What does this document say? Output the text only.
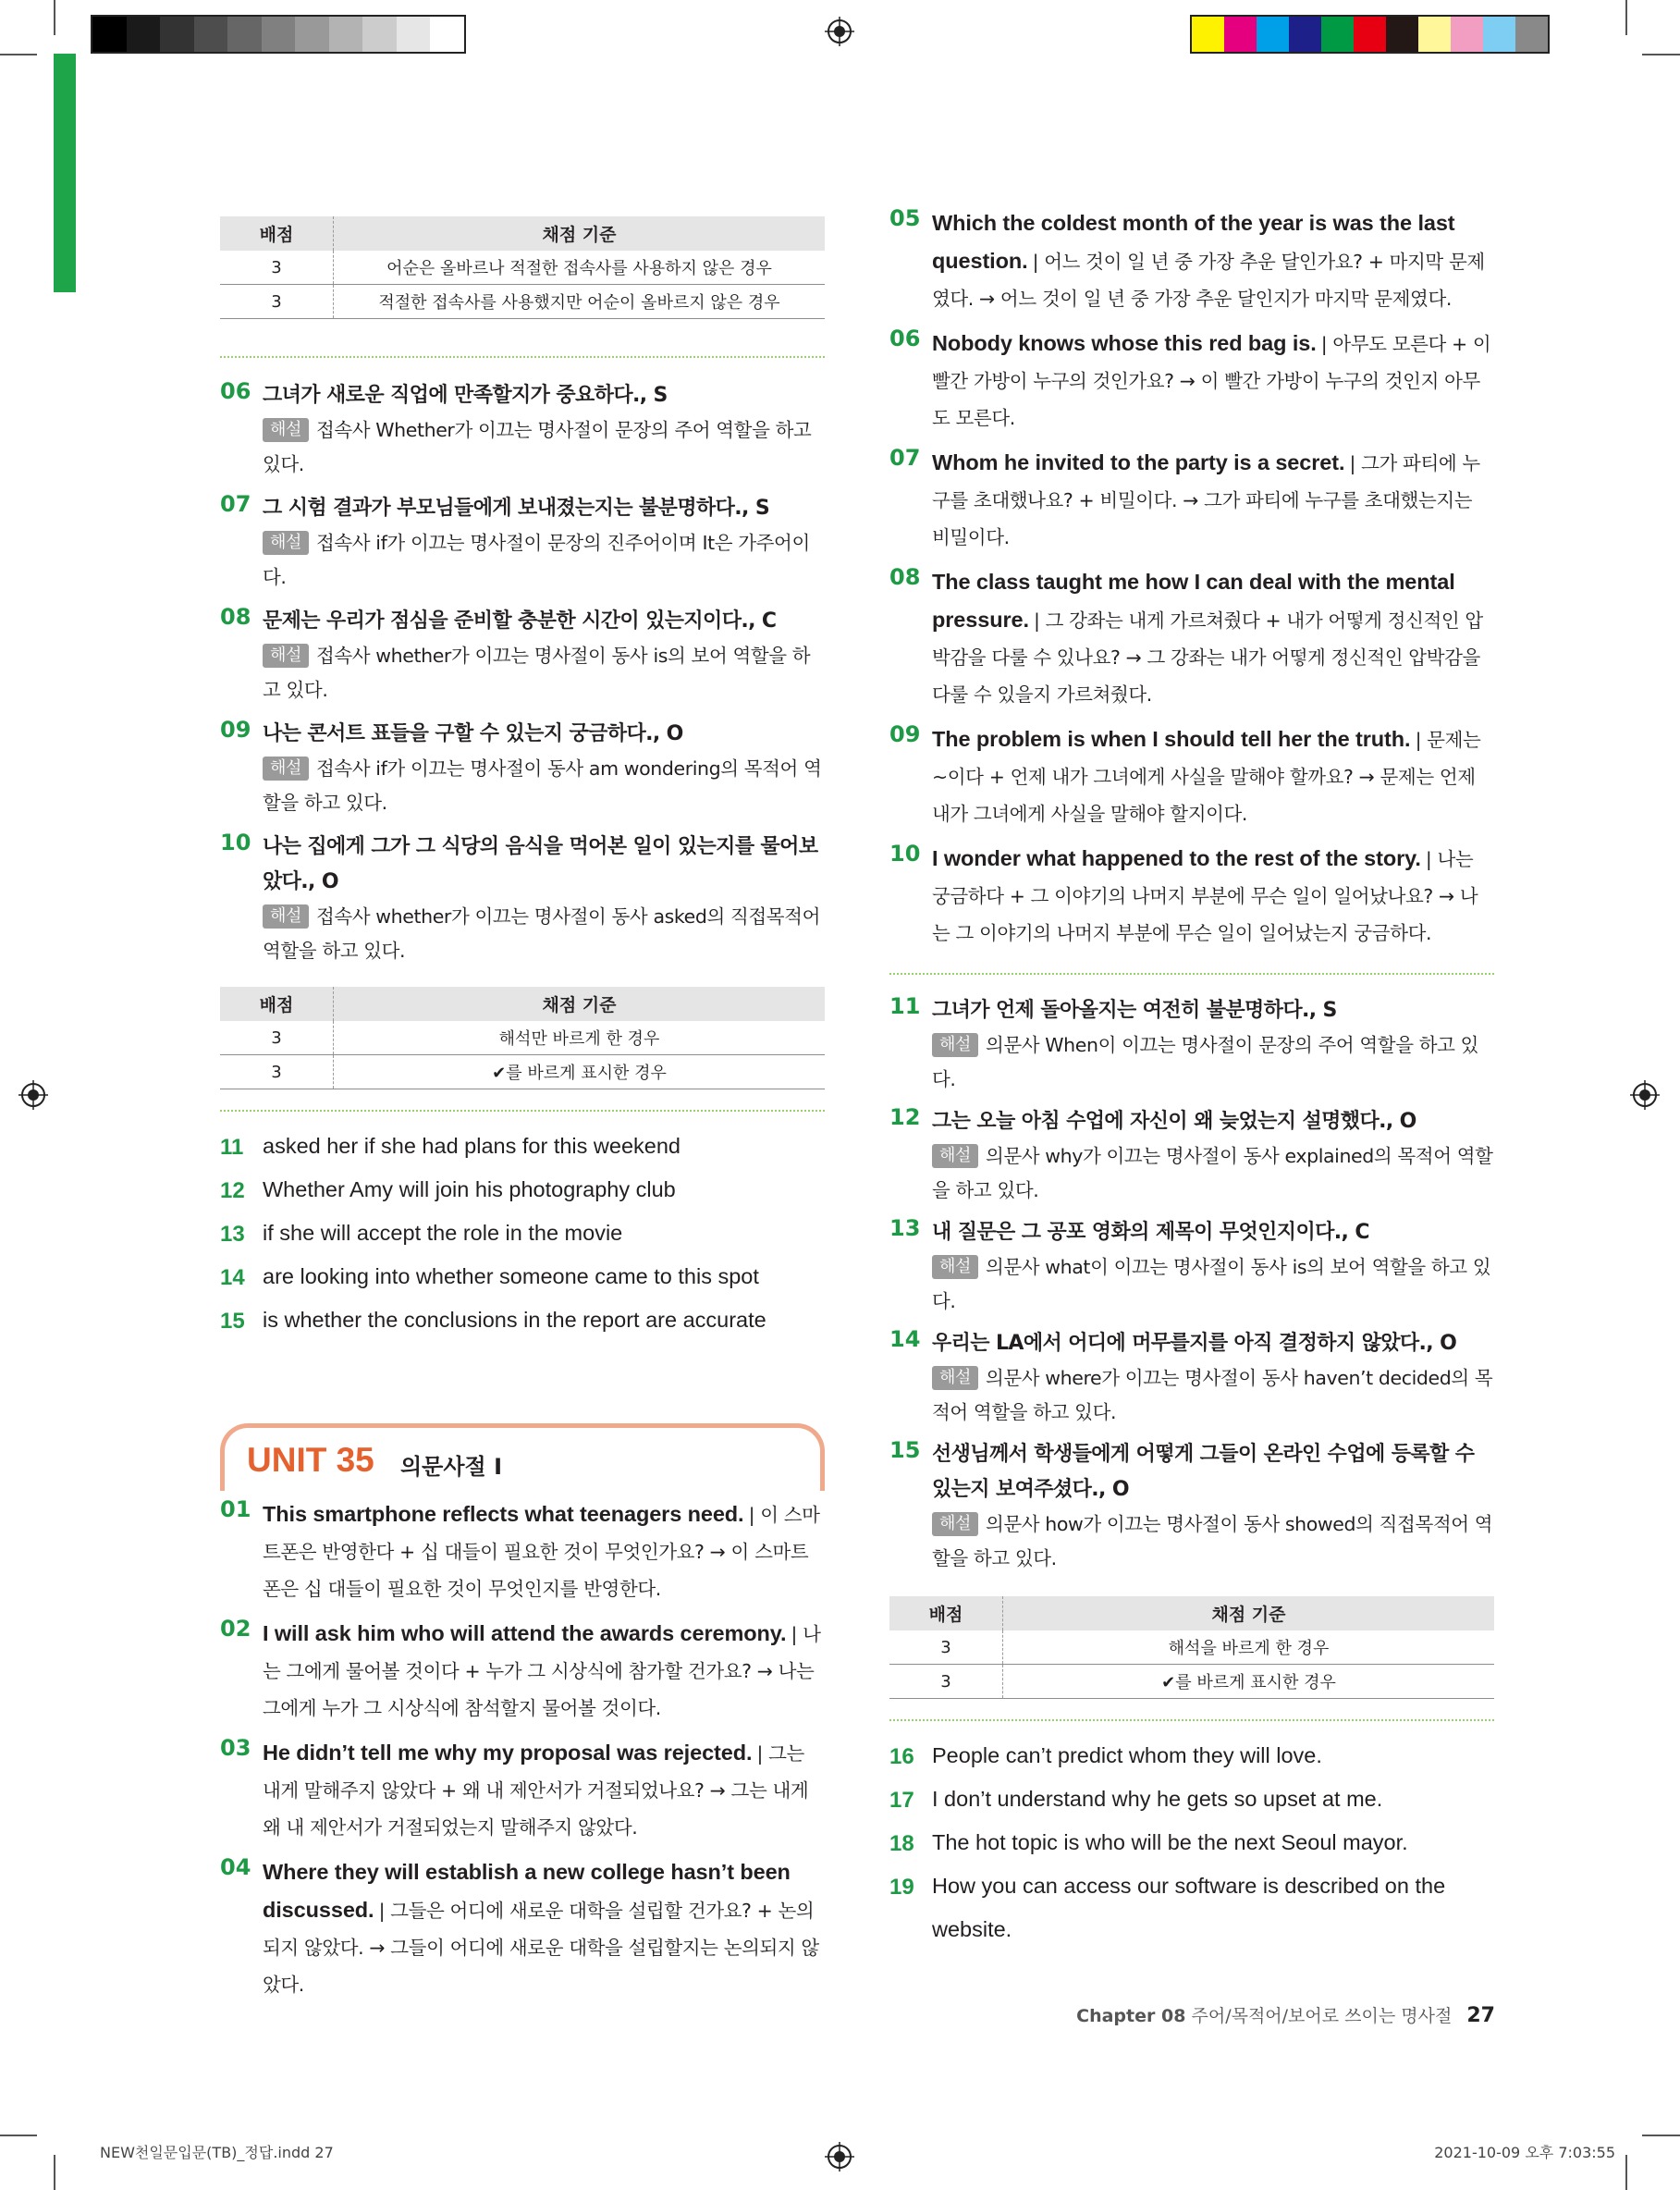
배점	채점 기준
3	어순은 올바르나 적절한 접속사를 사용하지 않은 경우
3	적절한 접속사를 사용했지만 어순이 올바르지 않은 경우
06 그녀가 새로운 직업에 만족할지가 중요하다., S
해설 접속사 Whether가 이끄는 명사절이 문장의 주어 역할을 하고 있다.
07 그 시험 결과가 부모님들에게 보내졌는지는 불분명하다., S
해설 접속사 if가 이끄는 명사절이 문장의 진주어이며 It은 가주어이다.
08 문제는 우리가 점심을 준비할 충분한 시간이 있는지이다., C
해설 접속사 whether가 이끄는 명사절이 동사 is의 보어 역할을 하고 있다.
09 나는 콘서트 표들을 구할 수 있는지 궁금하다., O
해설 접속사 if가 이끄는 명사절이 동사 am wondering의 목적어 역할을 하고 있다.
10 나는 집에게 그가 그 식당의 음식을 먹어본 일이 있는지를 물어보았다., O
해설 접속사 whether가 이끄는 명사절이 동사 asked의 직접목적어 역할을 하고 있다.
배점	채점 기준
3	해석만 바르게 한 경우
3	✔를 바르게 표시한 경우
11 asked her if she had plans for this weekend
12 Whether Amy will join his photography club
13 if she will accept the role in the movie
14 are looking into whether someone came to this spot
15 is whether the conclusions in the report are accurate
UNIT 35 의문사절 Ⅰ
01 This smartphone reflects what teenagers need. | 이 스마트폰은 반영한다 + 십 대들이 필요한 것이 무엇인가요? → 이 스마트폰은 십 대들이 필요한 것이 무엇인지를 반영한다.
02 I will ask him who will attend the awards ceremony. | 나는 그에게 물어볼 것이다 + 누가 그 시상식에 참가할 건가요? → 나는 그에게 누가 그 시상식에 참석할지 물어볼 것이다.
03 He didn’t tell me why my proposal was rejected. | 그는 내게 말해주지 않았다 + 왜 내 제안서가 거절되었나요? → 그는 내게 왜 내 제안서가 거절되었는지 말해주지 않았다.
04 Where they will establish a new college hasn’t been discussed. | 그들은 어디에 새로운 대학을 설립할 건가요? + 논의되지 않았다. → 그들이 어디에 새로운 대학을 설립할지는 논의되지 않았다.
05 Which the coldest month of the year is was the last question. | 어느 것이 일 년 중 가장 추운 달인가요? + 마지막 문제였다. → 어느 것이 일 년 중 가장 추운 달인지가 마지막 문제였다.
06 Nobody knows whose this red bag is. | 아무도 모른다 + 이 빨간 가방이 누구의 것인가요? → 이 빨간 가방이 누구의 것인지 아무도 모른다.
07 Whom he invited to the party is a secret. | 그가 파티에 누구를 초대했나요? + 비밀이다. → 그가 파티에 누구를 초대했는지는 비밀이다.
08 The class taught me how I can deal with the mental pressure. | 그 강좌는 내게 가르쳐줬다 + 내가 어떻게 정신적인 압박감을 다룰 수 있나요? → 그 강좌는 내가 어떻게 정신적인 압박감을 다룰 수 있을지 가르쳐줬다.
09 The problem is when I should tell her the truth. | 문제는 ~이다 + 언제 내가 그녀에게 사실을 말해야 할까요? → 문제는 언제 내가 그녀에게 사실을 말해야 할지이다.
10 I wonder what happened to the rest of the story. | 나는 궁금하다 + 그 이야기의 나머지 부분에 무슨 일이 일어났나요? → 나는 그 이야기의 나머지 부분에 무슨 일이 일어났는지 궁금하다.
11 그녀가 언제 돌아올지는 여전히 불분명하다., S
해설 의문사 When이 이끄는 명사절이 문장의 주어 역할을 하고 있다.
12 그는 오늘 아침 수업에 자신이 왜 늦었는지 설명했다., O
해설 의문사 why가 이끄는 명사절이 동사 explained의 목적어 역할을 하고 있다.
13 내 질문은 그 공포 영화의 제목이 무엇인지이다., C
해설 의문사 what이 이끄는 명사절이 동사 is의 보어 역할을 하고 있다.
14 우리는 LA에서 어디에 머무를지를 아직 결정하지 않았다., O
해설 의문사 where가 이끄는 명사절이 동사 haven’t decided의 목적어 역할을 하고 있다.
15 선생님께서 학생들에게 어떻게 그들이 온라인 수업에 등록할 수 있는지 보여주셨다., O
해설 의문사 how가 이끄는 명사절이 동사 showed의 직접목적어 역할을 하고 있다.
배점	채점 기준
3	해석을 바르게 한 경우
3	✔를 바르게 표시한 경우
16 People can’t predict whom they will love.
17 I don’t understand why he gets so upset at me.
18 The hot topic is who will be the next Seoul mayor.
19 How you can access our software is described on the website.
Chapter 08 주어/목적어/보어로 쓰이는 명사절 27
NEW천일문입문(TB)_정답.indd 27	2021-10-09 오후 7:03:55
